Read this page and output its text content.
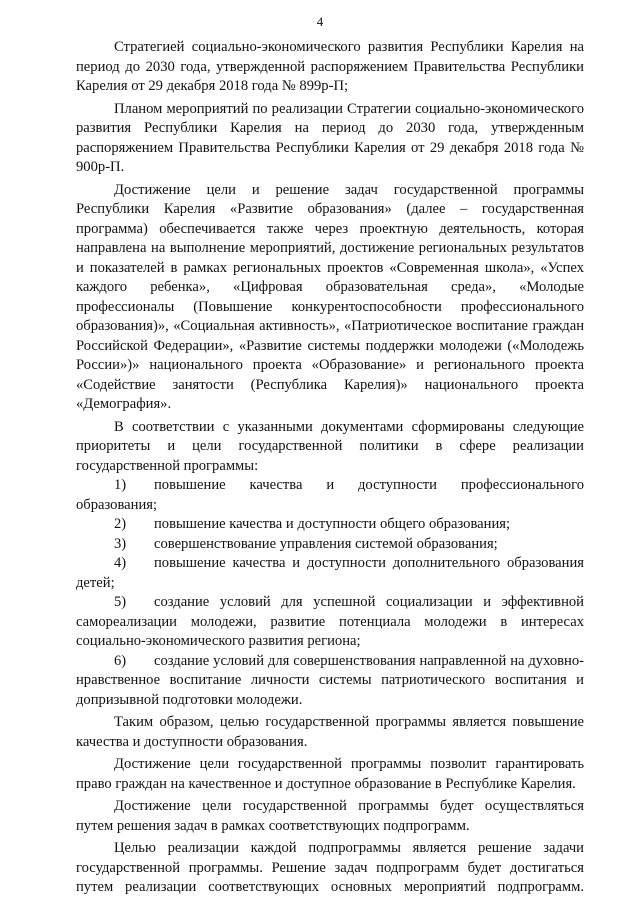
4

Стратегией социально-экономического развития Республики Карелия на период до 2030 года, утвержденной распоряжением Правительства Республики Карелия от 29 декабря 2018 года № 899р-П;

Планом мероприятий по реализации Стратегии социально-экономического развития Республики Карелия на период до 2030 года, утвержденным распоряжением Правительства Республики Карелия от 29 декабря 2018 года № 900р-П.

Достижение цели и решение задач государственной программы Республики Карелия «Развитие образования» (далее – государственная программа) обеспечивается также через проектную деятельность, которая направлена на выполнение мероприятий, достижение региональных результатов и показателей в рамках региональных проектов «Современная школа», «Успех каждого ребенка», «Цифровая образовательная среда», «Молодые профессионалы (Повышение конкурентоспособности профессионального образования)», «Социальная активность», «Патриотическое воспитание граждан Российской Федерации», «Развитие системы поддержки молодежи («Молодежь России»)» национального проекта «Образование» и регионального проекта «Содействие занятости (Республика Карелия)» национального проекта «Демография».

В соответствии с указанными документами сформированы следующие приоритеты и цели государственной политики в сфере реализации государственной программы:

1) повышение качества и доступности профессионального образования;

2) повышение качества и доступности общего образования;

3) совершенствование управления системой образования;

4) повышение качества и доступности дополнительного образования детей;

5) создание условий для успешной социализации и эффективной самореализации молодежи, развитие потенциала молодежи в интересах социально-экономического развития региона;

6) создание условий для совершенствования направленной на духовно-нравственное воспитание личности системы патриотического воспитания и допризывной подготовки молодежи.

Таким образом, целью государственной программы является повышение качества и доступности образования.

Достижение цели государственной программы позволит гарантировать право граждан на качественное и доступное образование в Республике Карелия.

Достижение цели государственной программы будет осуществляться путем решения задач в рамках соответствующих подпрограмм.

Целью реализации каждой подпрограммы является решение задачи государственной программы. Решение задач подпрограмм будет достигаться путем реализации соответствующих основных мероприятий подпрограмм.
